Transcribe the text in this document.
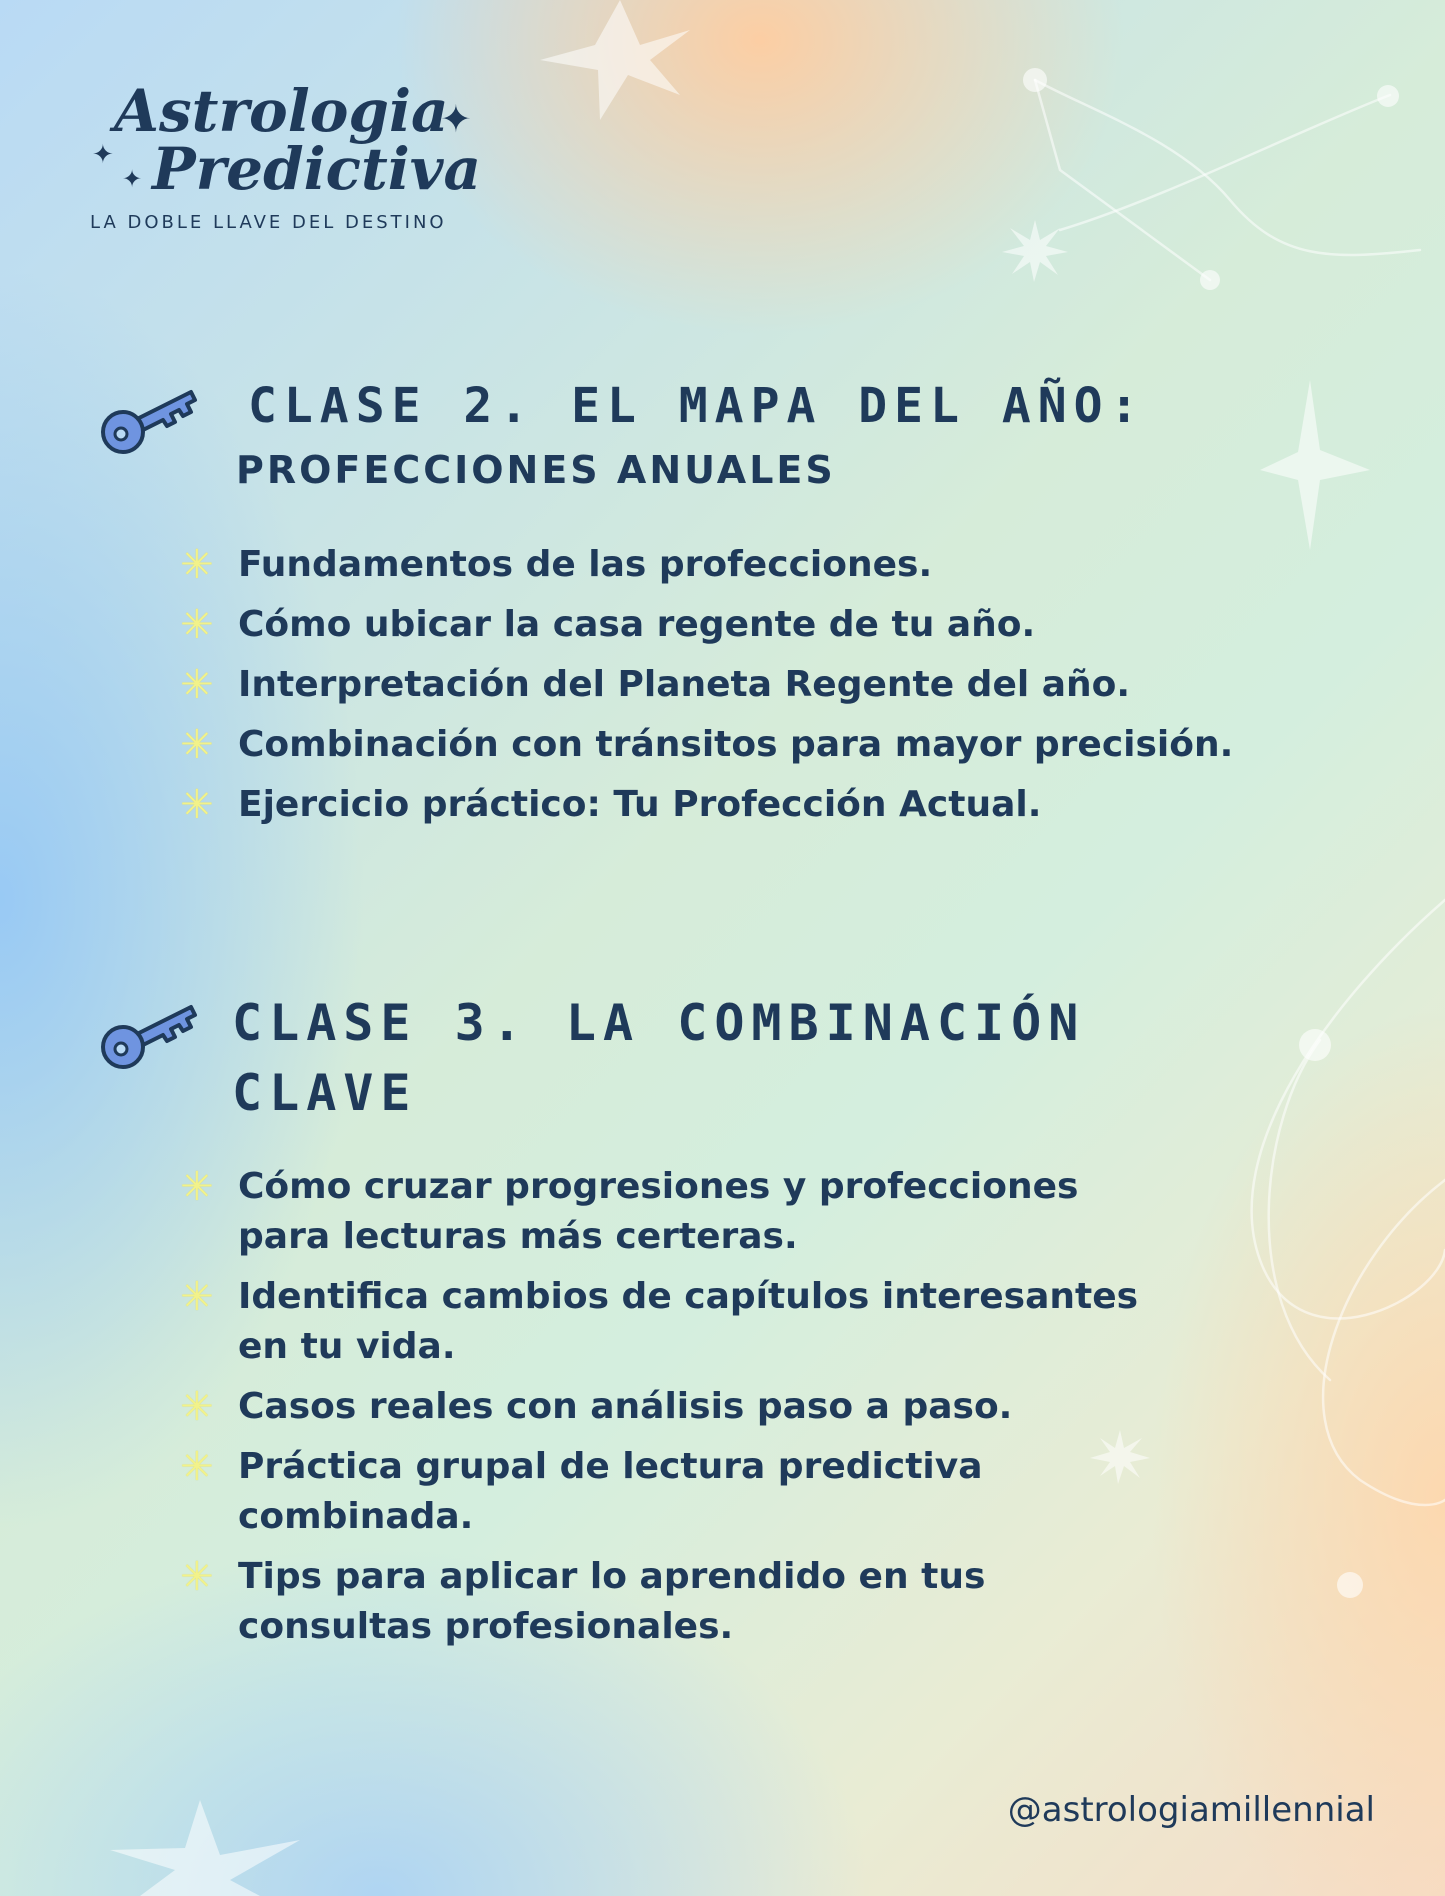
Astrologia
Predictiva
LA DOBLE LLAVE DEL DESTINO
✦
✦
✦
CLASE 2. EL MAPA DEL AÑO:
PROFECCIONES ANUALES
✳ Fundamentos de las profecciones.
✳ Cómo ubicar la casa regente de tu año.
✳ Interpretación del Planeta Regente del año.
✳ Combinación con tránsitos para mayor precisión.
✳ Ejercicio práctico: Tu Profección Actual.
CLASE 3. LA COMBINACIÓN
CLAVE
✳ Cómo cruzar progresiones y profecciones
para lecturas más certeras.
✳ Identifica cambios de capítulos interesantes
en tu vida.
✳ Casos reales con análisis paso a paso.
✳ Práctica grupal de lectura predictiva
combinada.
✳ Tips para aplicar lo aprendido en tus
consultas profesionales.
@astrologiamillennial
